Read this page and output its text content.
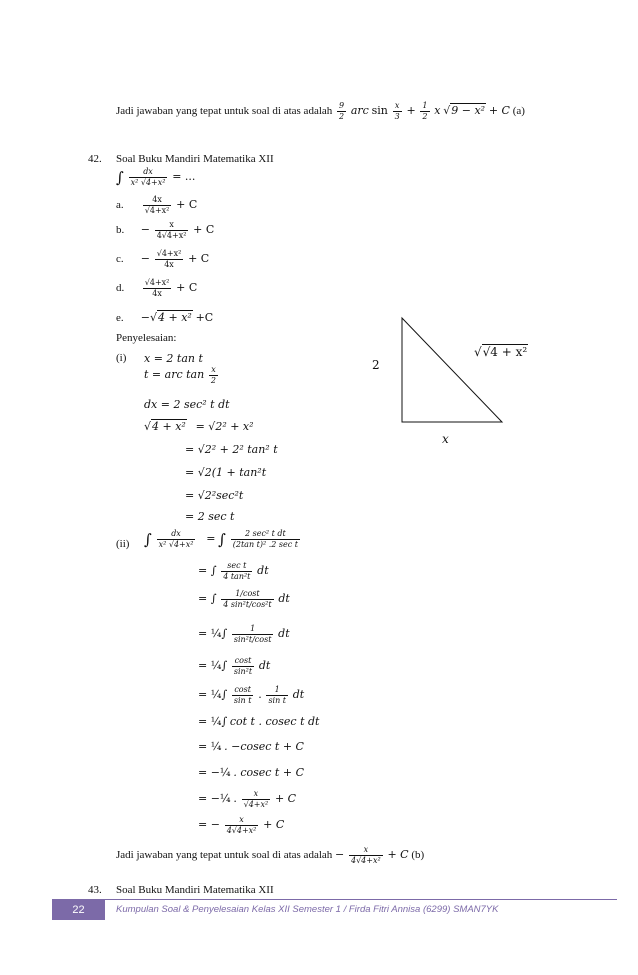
Jadi jawaban yang tepat untuk soal di atas adalah $\frac{9}{2}$ arc $\sin \frac{x}{3} + \frac{1}{2}$ x √9 − x² + C (a)
42. Soal Buku Mandiri Matematika XII
∫ $\frac{dx}{\text{x² √4+x²}}$ = ...
a. $\frac{4x}{\text{√4+x²}} + C$
b. − $\frac{x}{\text{4√4+x²}} + C$
c. − $\frac{\text{√4+x²}}{4x} + C$
d. $\frac{\text{√4+x²}}{4x} + C$
e. −√4 + x² +C
Penyelesaian:
(i) x = 2 tan t
t = arc $\tan \frac{x}{2}$
dx = 2 sec² t dt
√4 + x² = √2² + x²
= √2² + 2² tan² t
= √2(1 + tan²t
= √2²sec²t
= 2 sec t
√√4 + x²
2
x
(ii) ∫ $\frac{dx}{\text{x² √4+x²}}$ = ∫ $\frac{\text{2 sec² t dt}}{\text{(2tan t)² .2 sec t}}$
= ∫ $\frac{\text{sec t}}{\text{4 tan²t}}$ dt
= ∫ $\frac{1/\cos t}{\text{4 sin²t/cos²t}}$ dt
= ¼∫ $\frac{1}{\text{sin²t/cost}}$ dt
= ¼∫ $\frac{\cos t}{\text{sin²t}}$ dt
= ¼∫ $\frac{\cos t}{\text{sin t}}$ . $\frac{1}{\text{sin t}}$ dt
= ¼∫ cot t . cosec t dt
= ¼ . −cosec t + C
= −¼ . cosec t + C
= −¼ . $\frac{x}{\text{√4+x²}} + C$
= − $\frac{x}{\text{4√4+x²}} + C$
Jadi jawaban yang tepat untuk soal di atas adalah − $\frac{x}{\text{4√4+x²}} + C$ (b)
43. Soal Buku Mandiri Matematika XII
22	Kumpulan Soal & Penyelesaian Kelas XII Semester 1 / Firda Fitri Annisa (6299) SMAN7YK
